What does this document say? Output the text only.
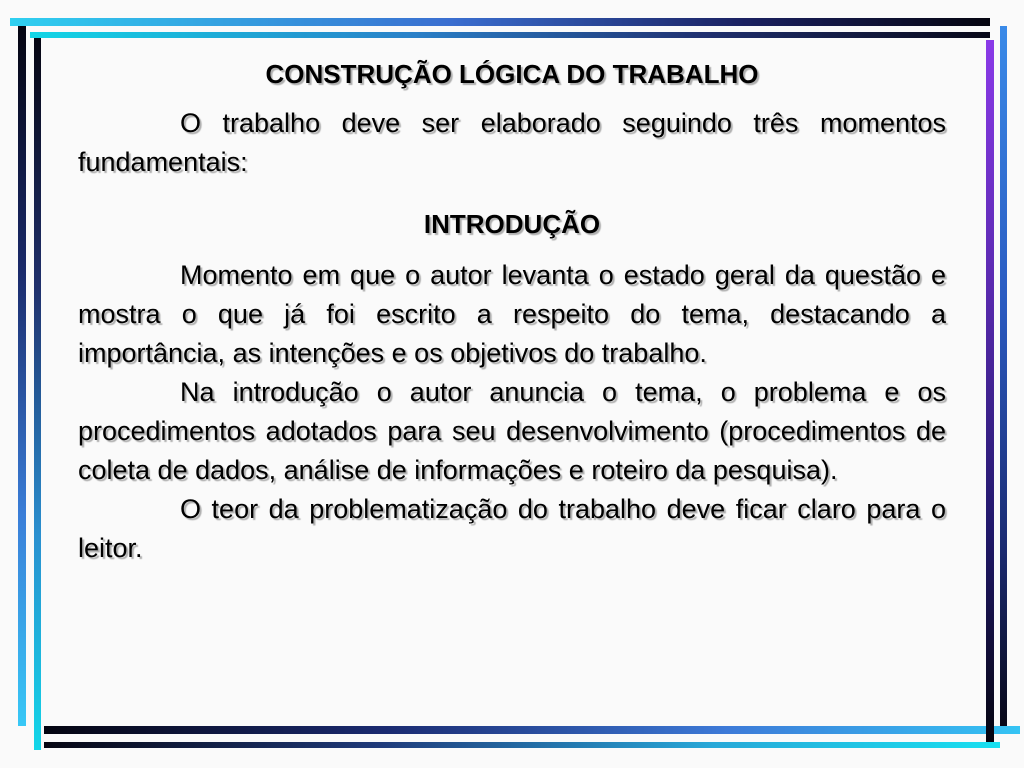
CONSTRUÇÃO LÓGICA DO TRABALHO

O trabalho deve ser elaborado seguindo três momentos fundamentais:

INTRODUÇÃO

Momento em que o autor levanta o estado geral da questão e mostra o que já foi escrito a respeito do tema, destacando a importância, as intenções e os objetivos do trabalho.

Na introdução o autor anuncia o tema, o problema e os procedimentos adotados para seu desenvolvimento (procedimentos de coleta de dados, análise de informações e roteiro da pesquisa).

O teor da problematização do trabalho deve ficar claro para o leitor.
